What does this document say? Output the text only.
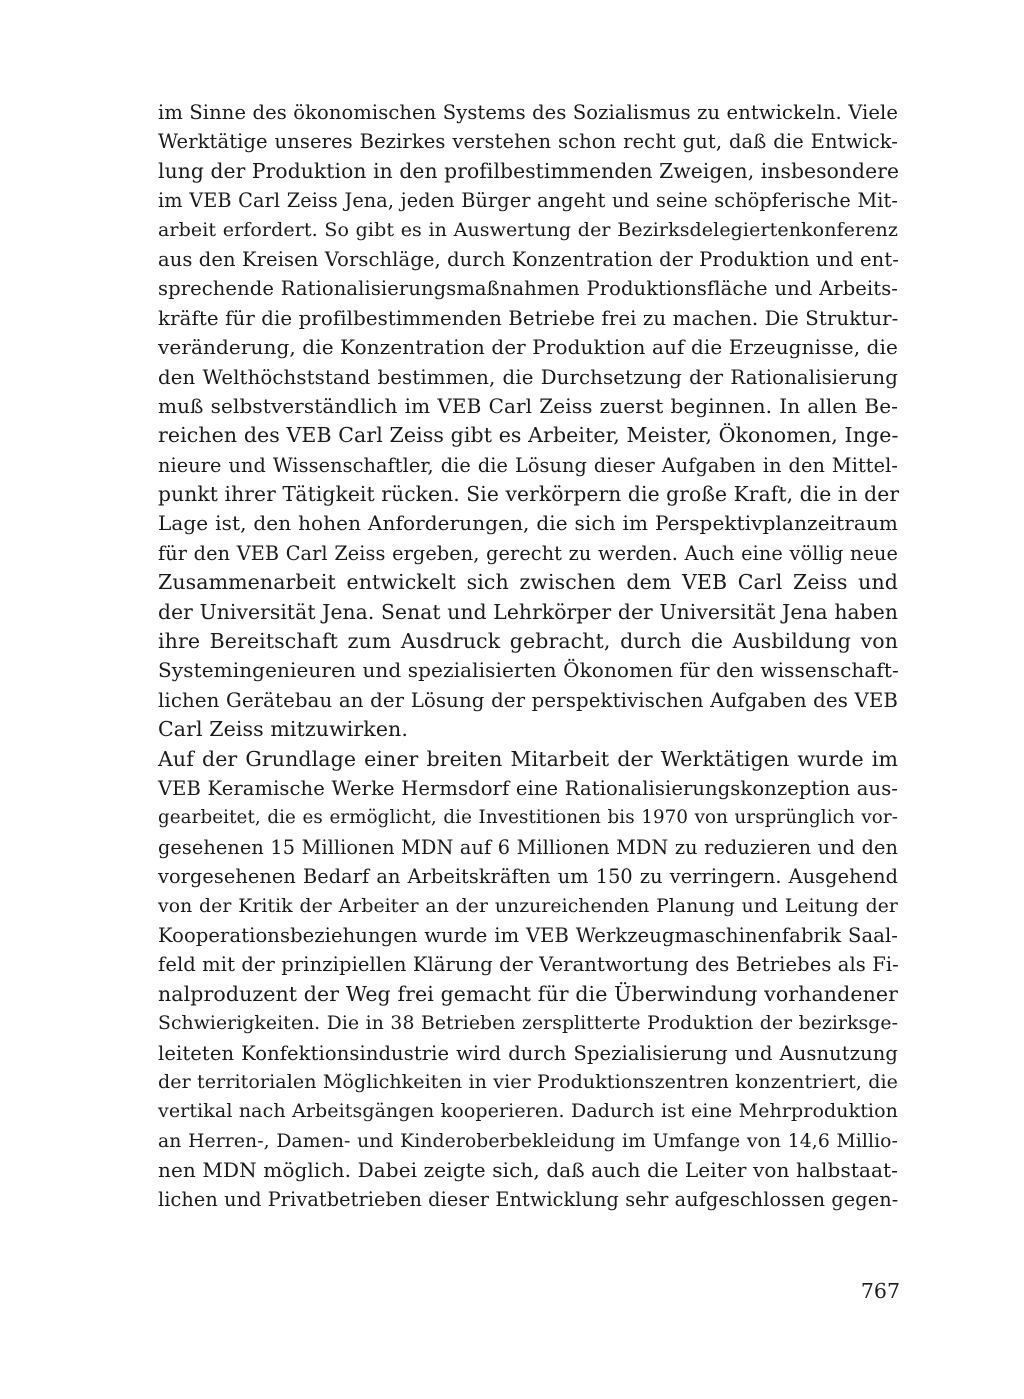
im Sinne des ökonomischen Systems des Sozialismus zu entwickeln. Viele
Werktätige unseres Bezirkes verstehen schon recht gut, daß die Entwick-
lung der Produktion in den profilbestimmenden Zweigen, insbesondere
im VEB Carl Zeiss Jena, jeden Bürger angeht und seine schöpferische Mit-
arbeit erfordert. So gibt es in Auswertung der Bezirksdelegiertenkonferenz
aus den Kreisen Vorschläge, durch Konzentration der Produktion und ent-
sprechende Rationalisierungsmaßnahmen Produktionsfläche und Arbeits-
kräfte für die profilbestimmenden Betriebe frei zu machen. Die Struktur-
veränderung, die Konzentration der Produktion auf die Erzeugnisse, die
den Welthöchststand bestimmen, die Durchsetzung der Rationalisierung
muß selbstverständlich im VEB Carl Zeiss zuerst beginnen. In allen Be-
reichen des VEB Carl Zeiss gibt es Arbeiter, Meister, Ökonomen, Inge-
nieure und Wissenschaftler, die die Lösung dieser Aufgaben in den Mittel-
punkt ihrer Tätigkeit rücken. Sie verkörpern die große Kraft, die in der
Lage ist, den hohen Anforderungen, die sich im Perspektivplanzeitraum
für den VEB Carl Zeiss ergeben, gerecht zu werden. Auch eine völlig neue
Zusammenarbeit entwickelt sich zwischen dem VEB Carl Zeiss und
der Universität Jena. Senat und Lehrkörper der Universität Jena haben
ihre Bereitschaft zum Ausdruck gebracht, durch die Ausbildung von
Systemingenieuren und spezialisierten Ökonomen für den wissenschaft-
lichen Gerätebau an der Lösung der perspektivischen Aufgaben des VEB
Carl Zeiss mitzuwirken.
Auf der Grundlage einer breiten Mitarbeit der Werktätigen wurde im
VEB Keramische Werke Hermsdorf eine Rationalisierungskonzeption aus-
gearbeitet, die es ermöglicht, die Investitionen bis 1970 von ursprünglich vor-
gesehenen 15 Millionen MDN auf 6 Millionen MDN zu reduzieren und den
vorgesehenen Bedarf an Arbeitskräften um 150 zu verringern. Ausgehend
von der Kritik der Arbeiter an der unzureichenden Planung und Leitung der
Kooperationsbeziehungen wurde im VEB Werkzeugmaschinenfabrik Saal-
feld mit der prinzipiellen Klärung der Verantwortung des Betriebes als Fi-
nalproduzent der Weg frei gemacht für die Überwindung vorhandener
Schwierigkeiten. Die in 38 Betrieben zersplitterte Produktion der bezirksge-
leiteten Konfektionsindustrie wird durch Spezialisierung und Ausnutzung
der territorialen Möglichkeiten in vier Produktionszentren konzentriert, die
vertikal nach Arbeitsgängen kooperieren. Dadurch ist eine Mehrproduktion
an Herren-, Damen- und Kinderoberbekleidung im Umfange von 14,6 Millio-
nen MDN möglich. Dabei zeigte sich, daß auch die Leiter von halbstaat-
lichen und Privatbetrieben dieser Entwicklung sehr aufgeschlossen gegen-
767
